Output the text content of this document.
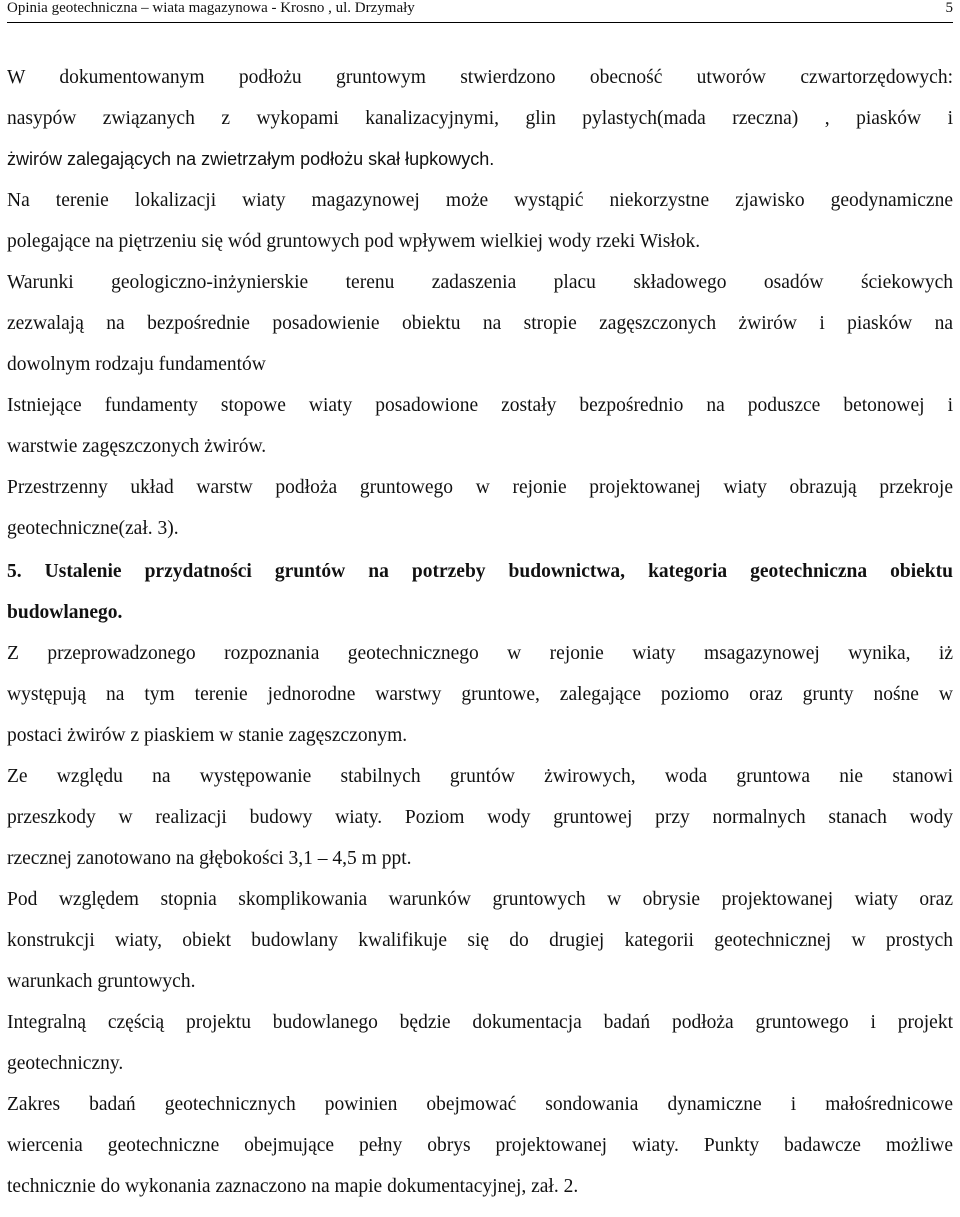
Opinia geotechniczna – wiata magazynowa - Krosno , ul. Drzymały	5
W dokumentowanym podłożu gruntowym stwierdzono obecność utworów czwartorzędowych:
nasypów związanych z wykopami kanalizacyjnymi, glin pylastych(mada rzeczna) , piasków i
żwirów zalegających na zwietrzałym podłożu skał łupkowych.
Na terenie lokalizacji wiaty magazynowej może wystąpić niekorzystne zjawisko geodynamiczne
polegające na piętrzeniu się wód gruntowych pod wpływem wielkiej wody rzeki Wisłok.
Warunki geologiczno-inżynierskie terenu zadaszenia placu składowego osadów ściekowych
zezwalają na bezpośrednie posadowienie obiektu na stropie zagęszczonych żwirów i piasków na
dowolnym rodzaju fundamentów
Istniejące fundamenty stopowe wiaty posadowione zostały bezpośrednio na poduszce betonowej i
warstwie zagęszczonych żwirów.
Przestrzenny układ warstw podłoża gruntowego w rejonie projektowanej wiaty obrazują przekroje
geotechniczne(zał. 3).
5. Ustalenie przydatności gruntów na potrzeby budownictwa, kategoria geotechniczna obiektu
budowlanego.
Z przeprowadzonego rozpoznania geotechnicznego w rejonie wiaty msagazynowej wynika, iż
występują na tym terenie jednorodne warstwy gruntowe, zalegające poziomo oraz grunty nośne w
postaci żwirów z piaskiem w stanie zagęszczonym.
Ze względu na występowanie stabilnych gruntów żwirowych, woda gruntowa nie stanowi
przeszkody w realizacji budowy wiaty. Poziom wody gruntowej przy normalnych stanach wody
rzecznej zanotowano na głębokości 3,1 – 4,5 m ppt.
Pod względem stopnia skomplikowania warunków gruntowych w obrysie projektowanej wiaty oraz
konstrukcji wiaty, obiekt budowlany kwalifikuje się do drugiej kategorii geotechnicznej w prostych
warunkach gruntowych.
Integralną częścią projektu budowlanego będzie dokumentacja badań podłoża gruntowego i projekt
geotechniczny.
Zakres badań geotechnicznych powinien obejmować sondowania dynamiczne i małośrednicowe
wiercenia geotechniczne obejmujące pełny obrys projektowanej wiaty. Punkty badawcze możliwe
technicznie do wykonania zaznaczono na mapie dokumentacyjnej, zał. 2.
